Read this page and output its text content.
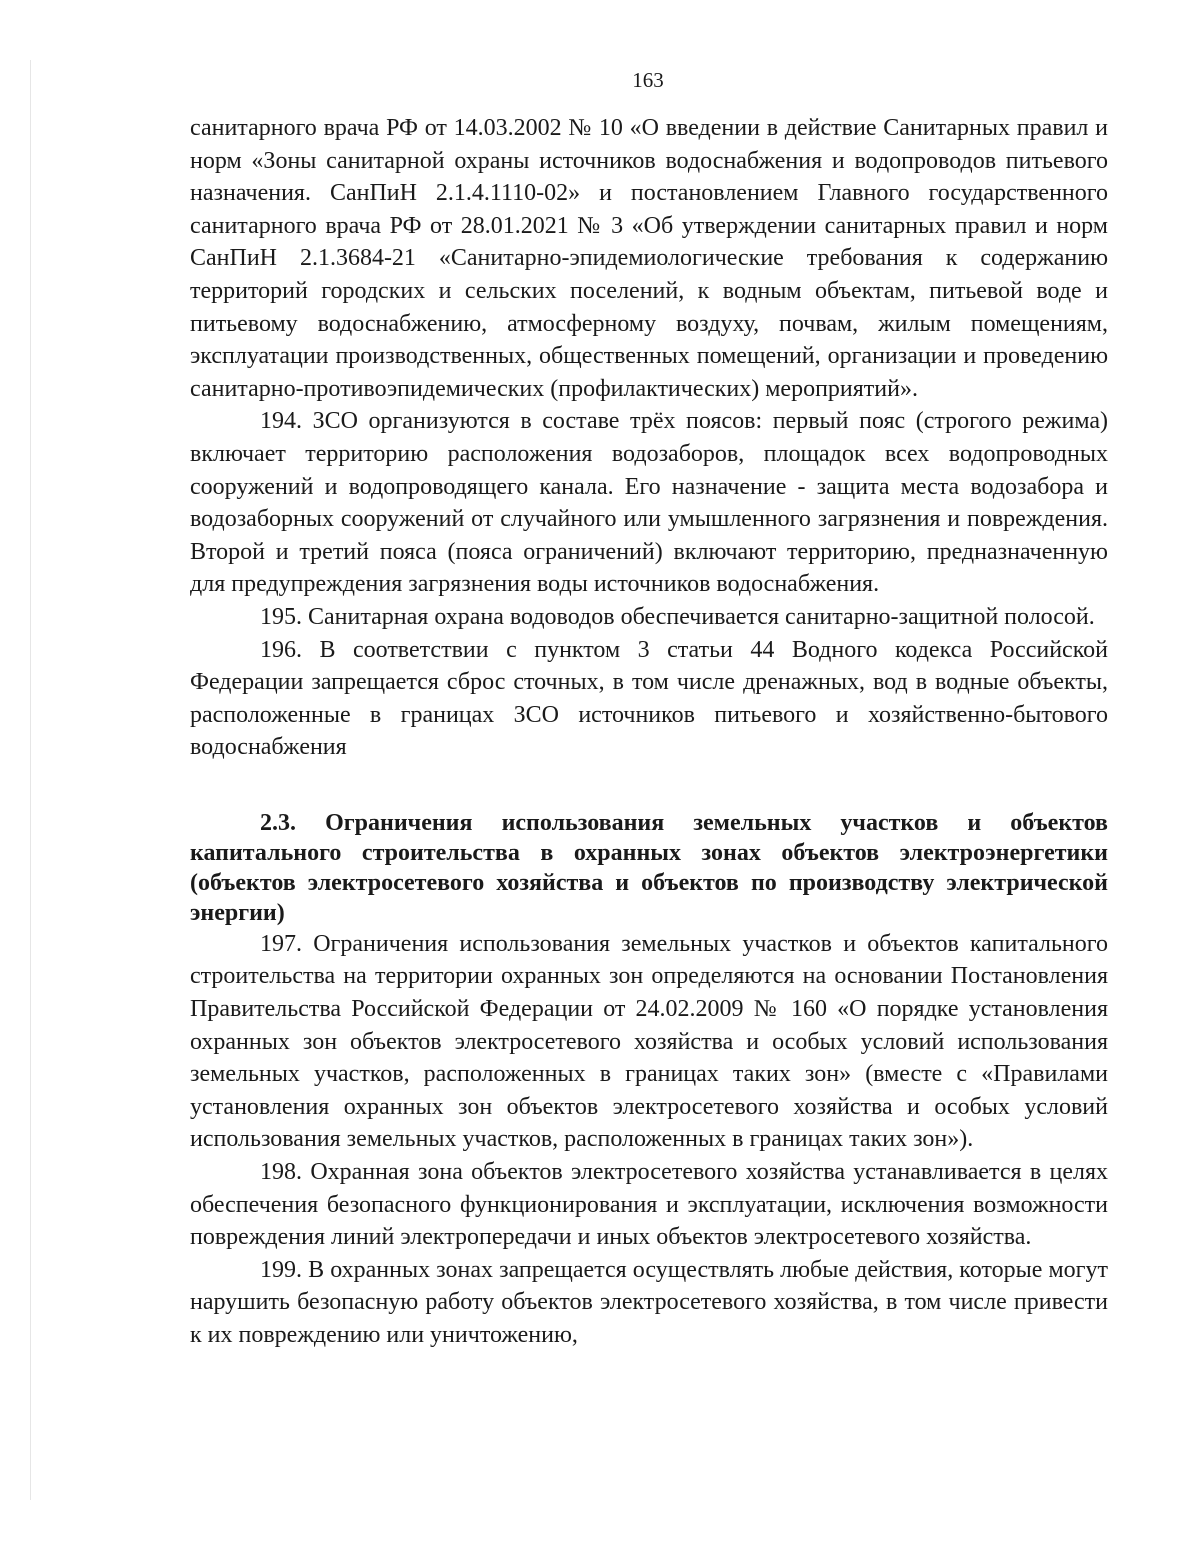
163

санитарного врача РФ от 14.03.2002 № 10 «О введении в действие Санитарных правил и норм «Зоны санитарной охраны источников водоснабжения и водопроводов питьевого назначения. СанПиН 2.1.4.1110-02» и постановлением Главного государственного санитарного врача РФ от 28.01.2021 № 3 «Об утверждении санитарных правил и норм СанПиН 2.1.3684-21 «Санитарно-эпидемиологические требования к содержанию территорий городских и сельских поселений, к водным объектам, питьевой воде и питьевому водоснабжению, атмосферному воздуху, почвам, жилым помещениям, эксплуатации производственных, общественных помещений, организации и проведению санитарно-противоэпидемических (профилактических) мероприятий».

194. ЗСО организуются в составе трёх поясов: первый пояс (строгого режима) включает территорию расположения водозаборов, площадок всех водопроводных сооружений и водопроводящего канала. Его назначение - защита места водозабора и водозаборных сооружений от случайного или умышленного загрязнения и повреждения. Второй и третий пояса (пояса ограничений) включают территорию, предназначенную для предупреждения загрязнения воды источников водоснабжения.

195. Санитарная охрана водоводов обеспечивается санитарно-защитной полосой.

196. В соответствии с пунктом 3 статьи 44 Водного кодекса Российской Федерации запрещается сброс сточных, в том числе дренажных, вод в водные объекты, расположенные в границах ЗСО источников питьевого и хозяйственно-бытового водоснабжения

2.3. Ограничения использования земельных участков и объектов капитального строительства в охранных зонах объектов электроэнергетики (объектов электросетевого хозяйства и объектов по производству электрической энергии)

197. Ограничения использования земельных участков и объектов капитального строительства на территории охранных зон определяются на основании Постановления Правительства Российской Федерации от 24.02.2009 № 160 «О порядке установления охранных зон объектов электросетевого хозяйства и особых условий использования земельных участков, расположенных в границах таких зон» (вместе с «Правилами установления охранных зон объектов электросетевого хозяйства и особых условий использования земельных участков, расположенных в границах таких зон»).

198. Охранная зона объектов электросетевого хозяйства устанавливается в целях обеспечения безопасного функционирования и эксплуатации, исключения возможности повреждения линий электропередачи и иных объектов электросетевого хозяйства.

199. В охранных зонах запрещается осуществлять любые действия, которые могут нарушить безопасную работу объектов электросетевого хозяйства, в том числе привести к их повреждению или уничтожению,
